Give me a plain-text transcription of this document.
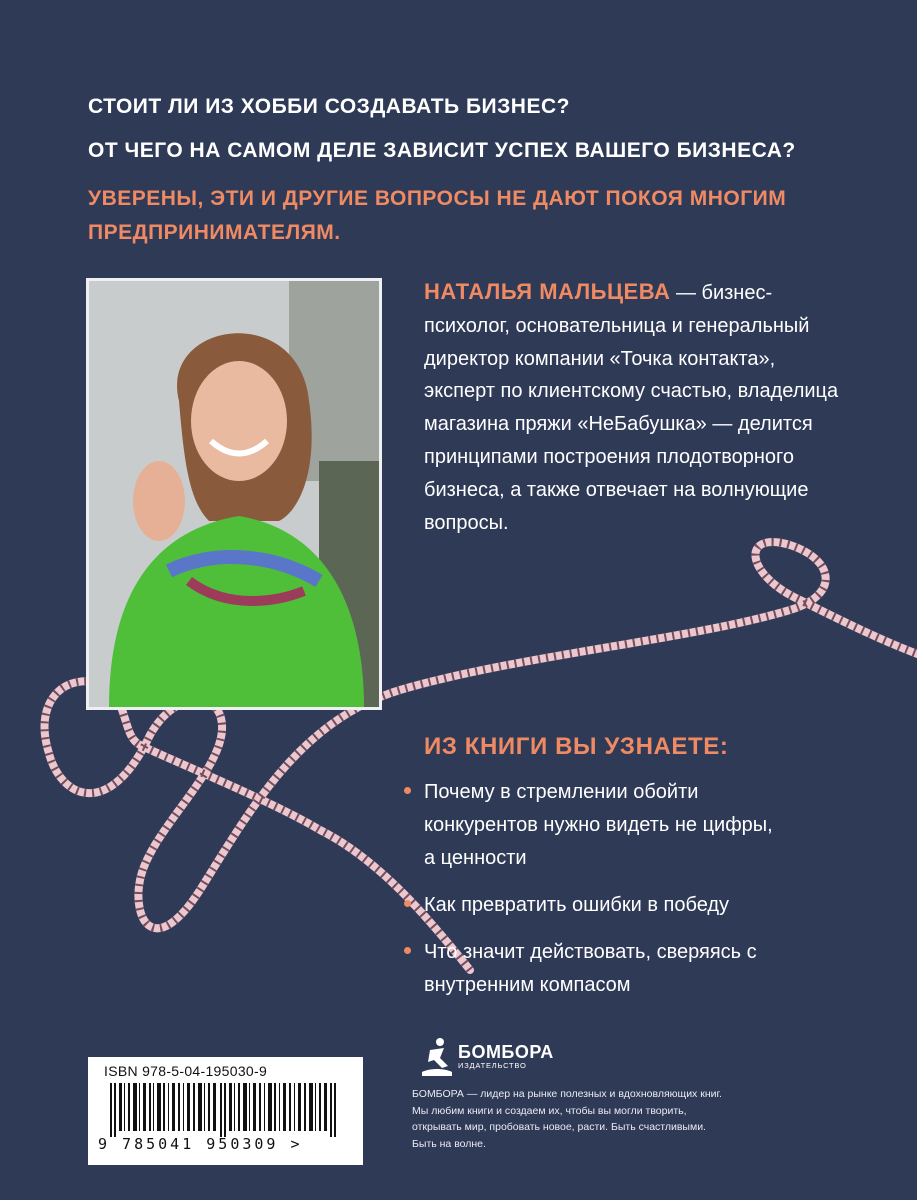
СТОИТ ЛИ ИЗ ХОББИ СОЗДАВАТЬ БИЗНЕС?
ОТ ЧЕГО НА САМОМ ДЕЛЕ ЗАВИСИТ УСПЕХ ВАШЕГО БИЗНЕСА?
УВЕРЕНЫ, ЭТИ И ДРУГИЕ ВОПРОСЫ НЕ ДАЮТ ПОКОЯ МНОГИМ ПРЕДПРИНИМАТЕЛЯМ.
НАТАЛЬЯ МАЛЬЦЕВА — бизнес-психолог, основательница и генеральный директор компании «Точка контакта», эксперт по клиентскому счастью, владелица магазина пряжи «НеБабушка» — делится принципами построения плодотворного бизнеса, а также отвечает на волнующие вопросы.
ИЗ КНИГИ ВЫ УЗНАЕТЕ:
Почему в стремлении обойти конкурентов нужно видеть не цифры, а ценности
Как превратить ошибки в победу
Что значит действовать, сверяясь с внутренним компасом
ISBN 978-5-04-195030-9
9 785041 950309 >
БОМБОРА
ИЗДАТЕЛЬСТВО
БОМБОРА — лидер на рынке полезных и вдохновляющих книг. Мы любим книги и создаем их, чтобы вы могли творить, открывать мир, пробовать новое, расти. Быть счастливыми. Быть на волне.
